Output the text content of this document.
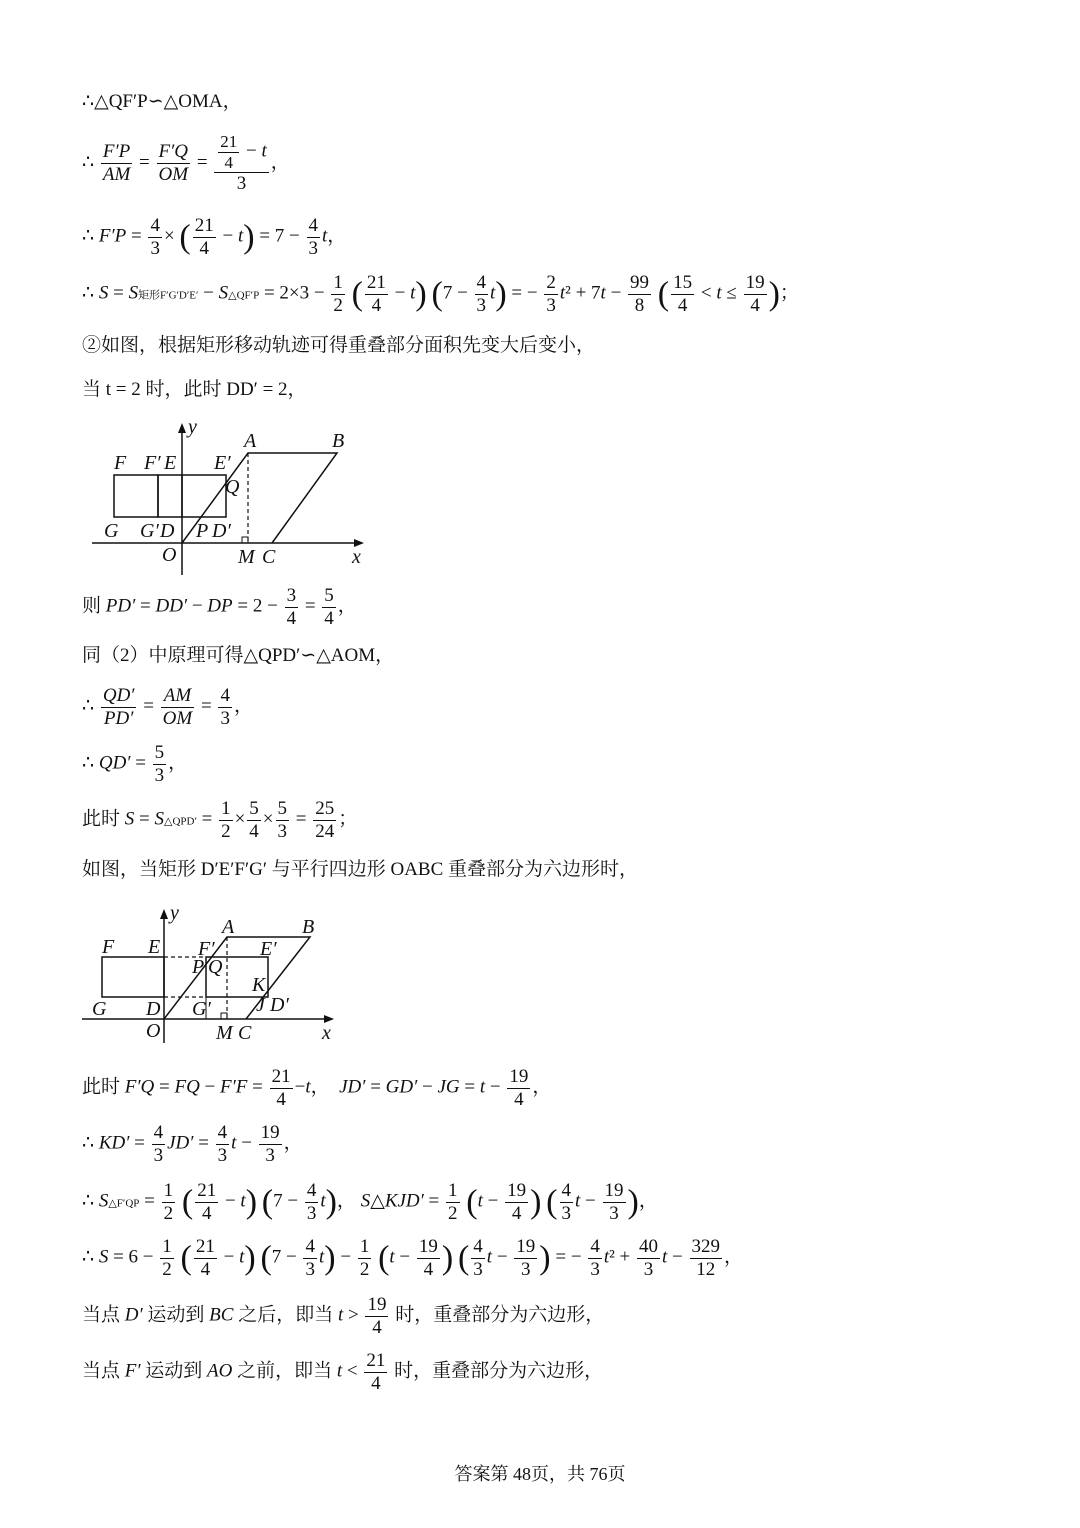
∴△QF′P∽△OMA，
∴ $\frac{F'P}{AM} = \frac{F'Q}{OM} = \frac{\frac{21}{4} - t}{3}$ ，
∴ $F'P = \frac{4}{3}$ × ( $\frac{21}{4} - t) = 7 - \frac{4}{3}$ t，
∴ S = S矩形F′G′D′E′ − S△QF′P = $2\times 3 - \frac{1}{2}$ ( $\frac{21}{4} - t$) $(7 - \frac{4}{3} t)$ = − $\frac{2}{3} t^2 + 7t - \frac{99}{8}$ ( $\frac{15}{4} < t \le \frac{19}{4}$ )；
②如图，根据矩形移动轨迹可得重叠部分面积先变大后变小，
当 t = 2 时，此时 DD′ = 2，
y
A	B
F F′ E E′
Q
G G′ D P D′
O	M C	x
则 PD′ = DD′ − DP = $2 - \frac{3}{4} = \frac{5}{4}$ ，
同（2）中原理可得△QPD′∽△AOM，
∴ $\frac{QD'}{PD'} = \frac{AM}{OM} = \frac{4}{3}$ ，
∴ $QD' = \frac{5}{3}$ ，
此时 S = S△QPD′ = $\frac{1}{2} \times \frac{5}{4} \times \frac{5}{3} = \frac{25}{24}$ ；
如图，当矩形 D′E′F′G′ 与平行四边形 OABC 重叠部分为六边形时，
y
A	B
F E F′ E′
P Q
K
G D G′ J D′
O	M C	x
此时 F′Q = FQ − $F'F = \frac{21}{4} -t$，  JD′ = GD′ − JG = $t - \frac{19}{4}$ ，
∴ $KD' = \frac{4}{3} JD' = \frac{4}{3}$ $t - \frac{19}{3}$ ，
∴ S△F′QP = $\frac{1}{2}$ ( $\frac{21}{4} - t$) $(7 - \frac{4}{3} t)$， S△KJD′ = $\frac{1}{2} (t - \frac{19}{4}$ ) ( $\frac{4}{3}$ $t - \frac{19}{3}$ )，
∴ $S = 6 - \frac{1}{2}$ ( $\frac{21}{4} - t$) $(7 - \frac{4}{3} t) - \frac{1}{2} (t - \frac{19}{4}$ ) ( $\frac{4}{3}$ $t - \frac{19}{3}$ ) = − $\frac{4}{3} t^2 + \frac{40}{3}$ $t - \frac{329}{12}$ ，
当点 D′ 运动到 BC 之后，即当 $t > \frac{19}{4}$ 时，重叠部分为六边形，
当点 F′ 运动到 AO 之前，即当 $t < \frac{21}{4}$ 时，重叠部分为六边形，
答案第 48页，共 76页
